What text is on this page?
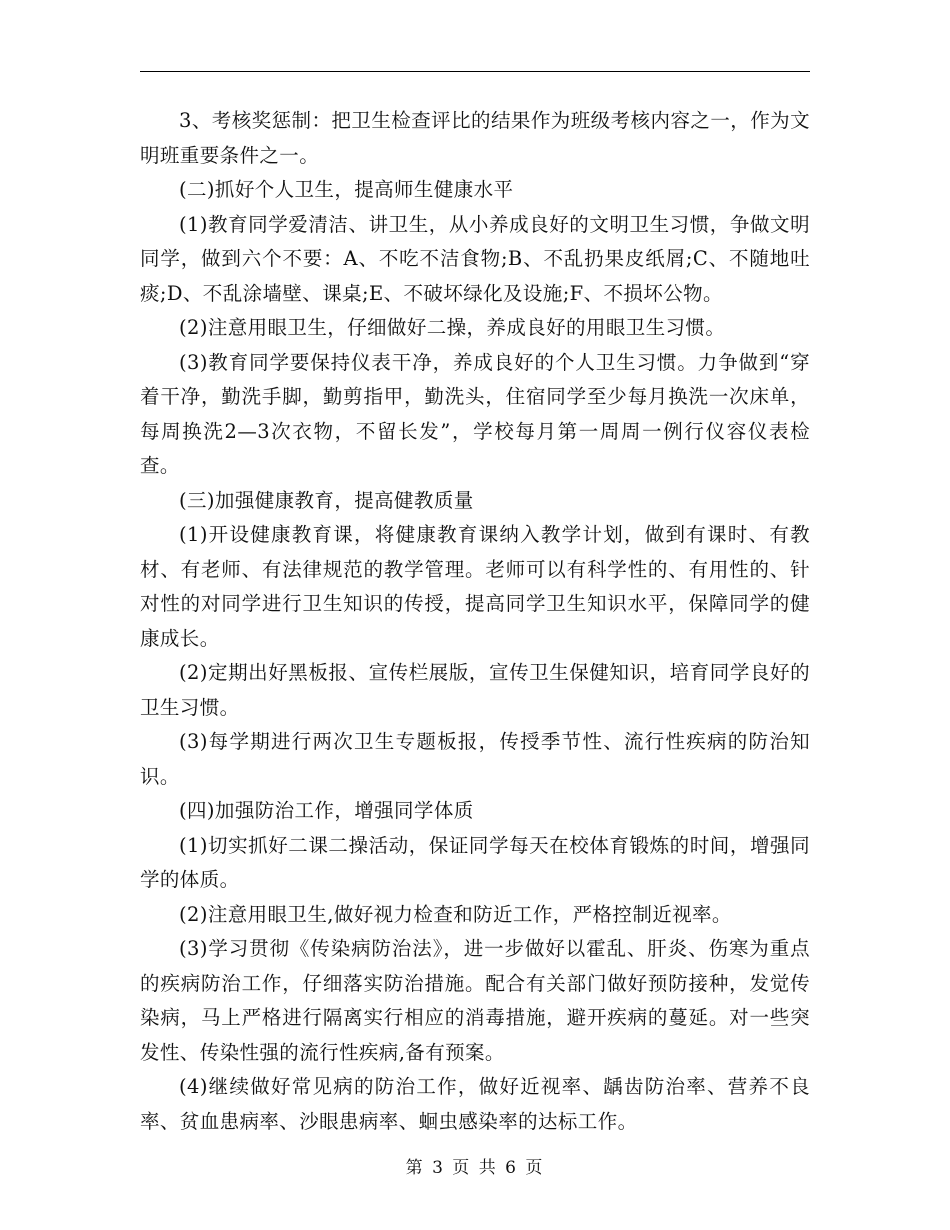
3、考核奖惩制：把卫生检查评比的结果作为班级考核内容之一，作为文明班重要条件之一。

(二)抓好个人卫生，提高师生健康水平

(1)教育同学爱清洁、讲卫生，从小养成良好的文明卫生习惯，争做文明同学，做到六个不要：A、不吃不洁食物;B、不乱扔果皮纸屑;C、不随地吐痰;D、不乱涂墙壁、课桌;E、不破坏绿化及设施;F、不损坏公物。

(2)注意用眼卫生，仔细做好二操，养成良好的用眼卫生习惯。

(3)教育同学要保持仪表干净，养成良好的个人卫生习惯。力争做到“穿着干净，勤洗手脚，勤剪指甲，勤洗头，住宿同学至少每月换洗一次床单，每周换洗2—3次衣物，不留长发”，学校每月第一周周一例行仪容仪表检查。

(三)加强健康教育，提高健教质量

(1)开设健康教育课，将健康教育课纳入教学计划，做到有课时、有教材、有老师、有法律规范的教学管理。老师可以有科学性的、有用性的、针对性的对同学进行卫生知识的传授，提高同学卫生知识水平，保障同学的健康成长。

(2)定期出好黑板报、宣传栏展版，宣传卫生保健知识，培育同学良好的卫生习惯。

(3)每学期进行两次卫生专题板报，传授季节性、流行性疾病的防治知识。

(四)加强防治工作，增强同学体质

(1)切实抓好二课二操活动，保证同学每天在校体育锻炼的时间，增强同学的体质。

(2)注意用眼卫生,做好视力检查和防近工作，严格控制近视率。

(3)学习贯彻《传染病防治法》，进一步做好以霍乱、肝炎、伤寒为重点的疾病防治工作，仔细落实防治措施。配合有关部门做好预防接种，发觉传染病，马上严格进行隔离实行相应的消毒措施，避开疾病的蔓延。对一些突发性、传染性强的流行性疾病,备有预案。

(4)继续做好常见病的防治工作，做好近视率、龋齿防治率、营养不良率、贫血患病率、沙眼患病率、蛔虫感染率的达标工作。

第 3 页 共 6 页
